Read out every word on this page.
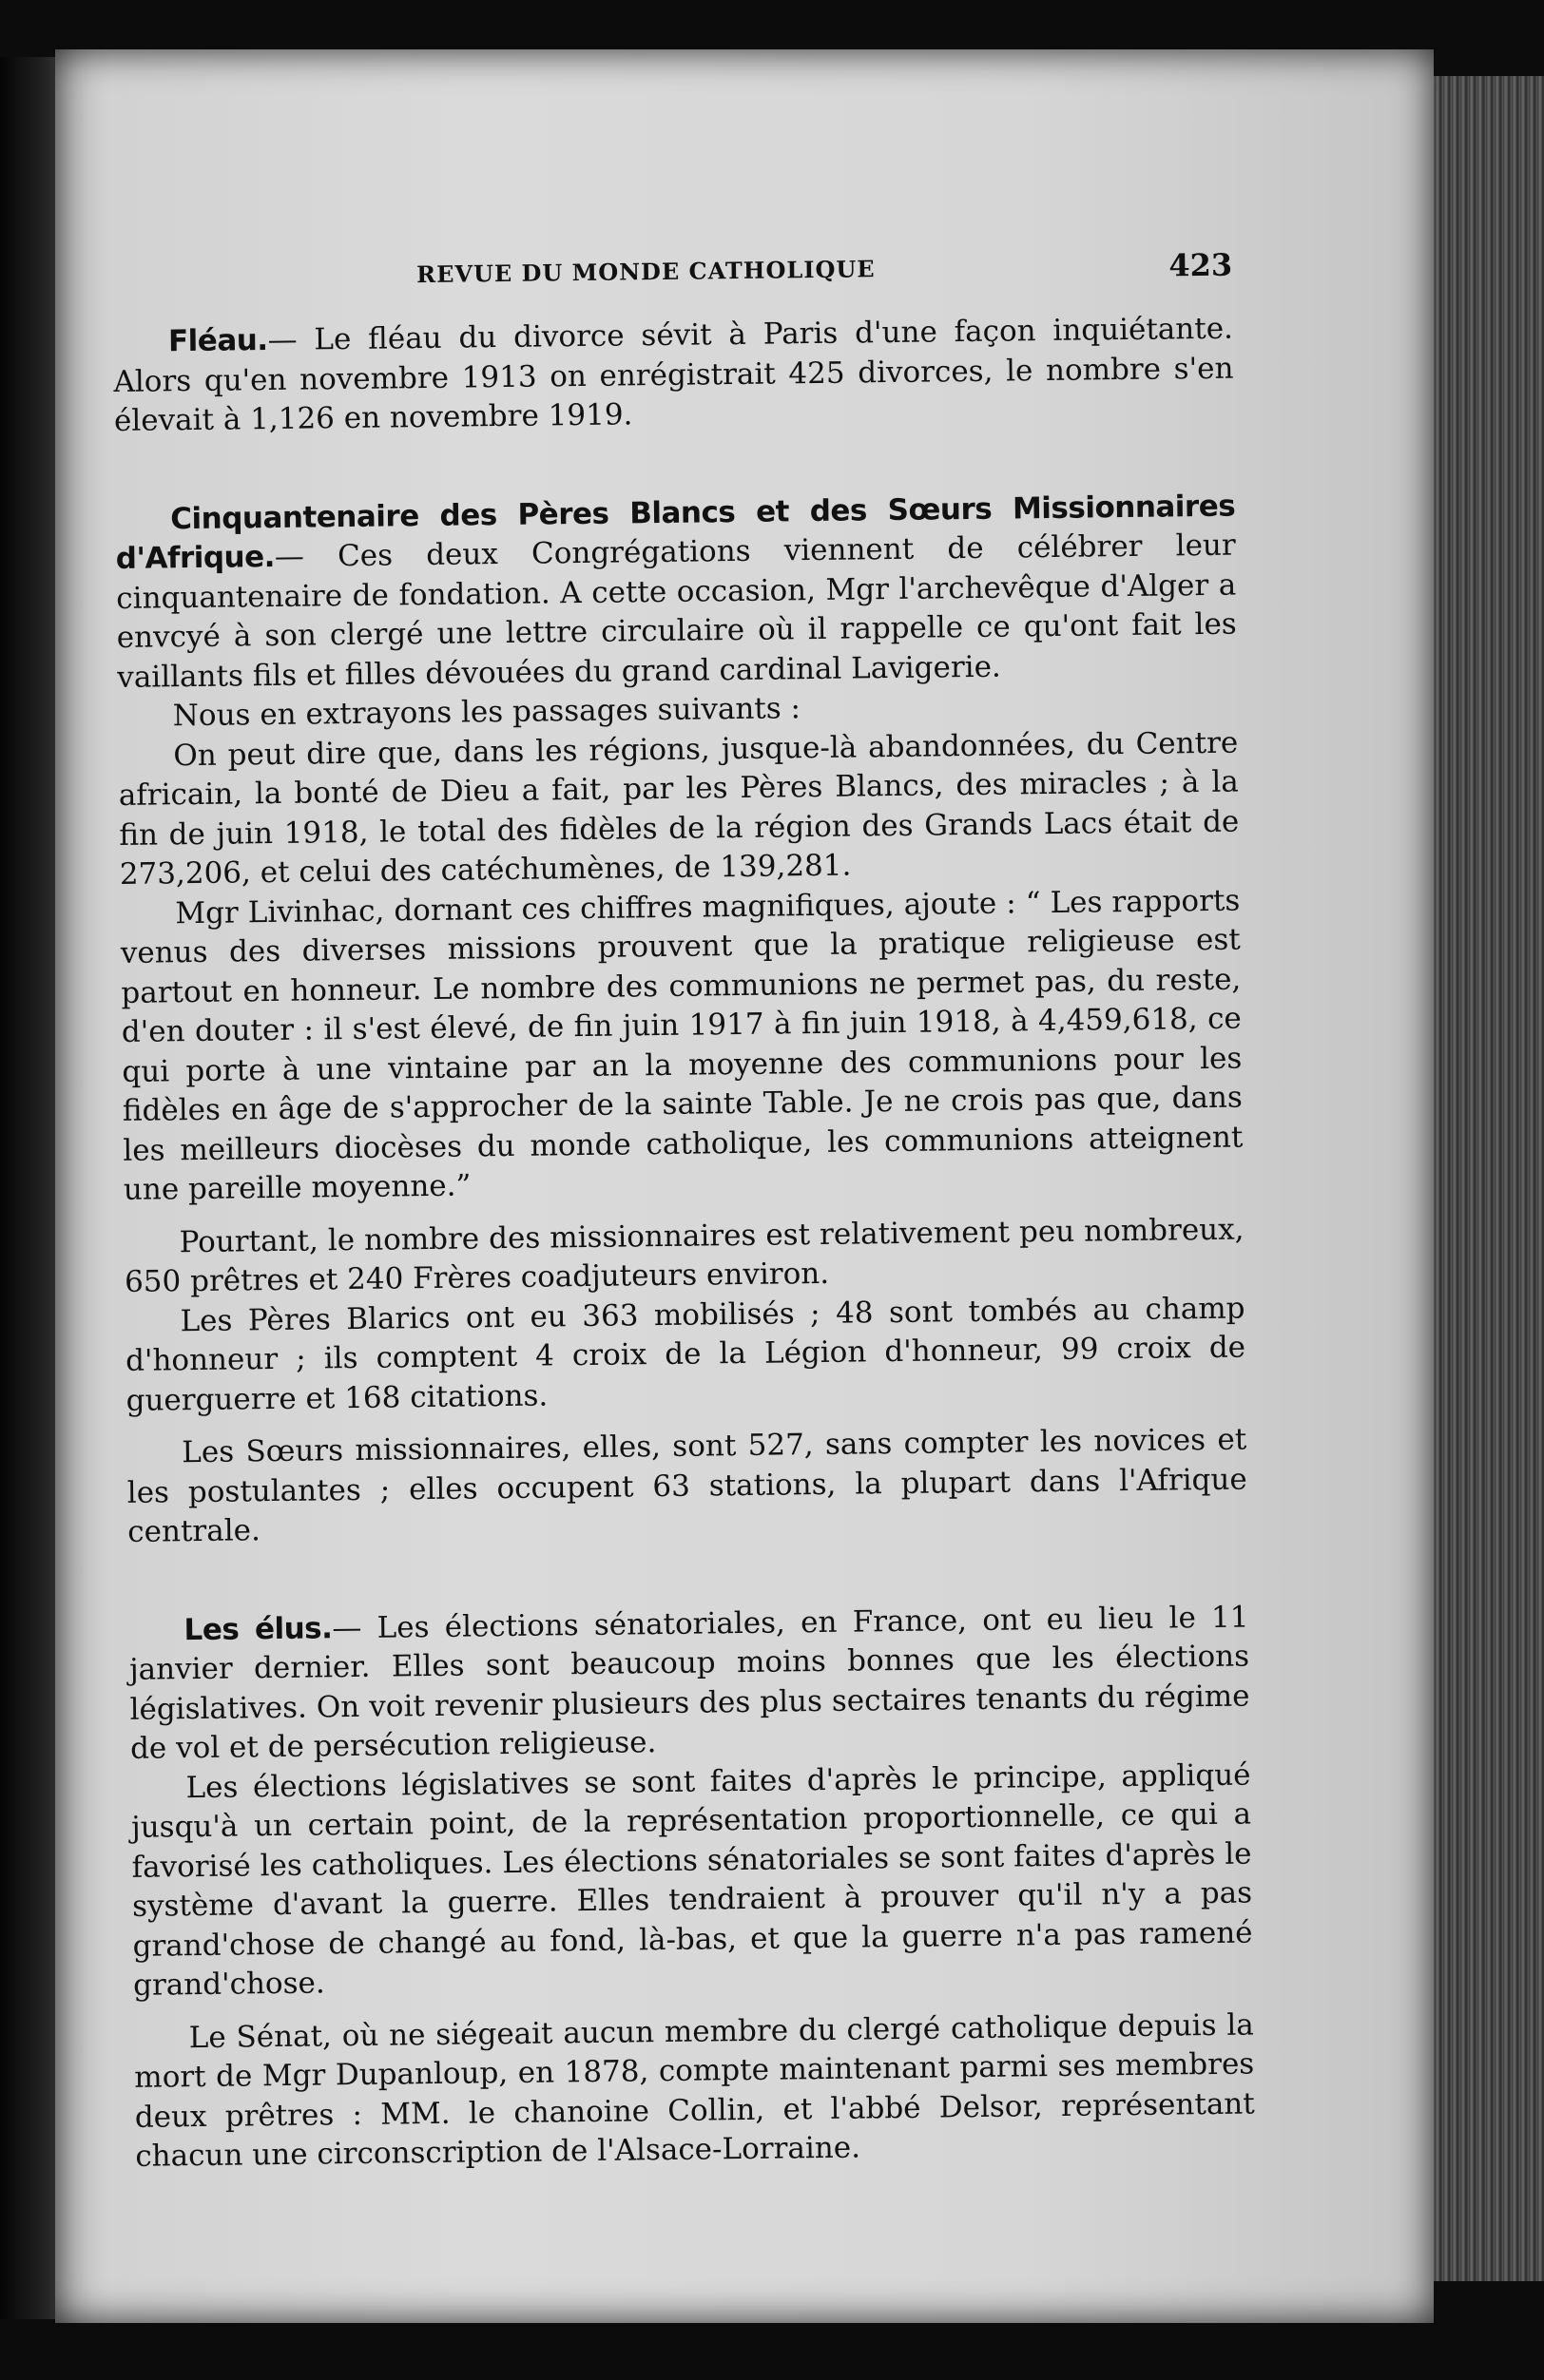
REVUE DU MONDE CATHOLIQUE	423

Fléau.— Le fléau du divorce sévit à Paris d'une façon inquiétante. Alors qu'en novembre 1913 on enrégistrait 425 divorces, le nombre s'en élevait à 1,126 en novembre 1919.

Cinquantenaire des Pères Blancs et des Sœurs Missionnaires d'Afrique.— Ces deux Congrégations viennent de célébrer leur cinquantenaire de fondation. A cette occasion, Mgr l'archevêque d'Alger a envcyé à son clergé une lettre circulaire où il rappelle ce qu'ont fait les vaillants fils et filles dévouées du grand cardinal Lavigerie.

Nous en extrayons les passages suivants :

On peut dire que, dans les régions, jusque-là abandonnées, du Centre africain, la bonté de Dieu a fait, par les Pères Blancs, des miracles ; à la fin de juin 1918, le total des fidèles de la région des Grands Lacs était de 273,206, et celui des catéchumènes, de 139,281.

Mgr Livinhac, dornant ces chiffres magnifiques, ajoute : “ Les rapports venus des diverses missions prouvent que la pratique religieuse est partout en honneur. Le nombre des communions ne permet pas, du reste, d'en douter : il s'est élevé, de fin juin 1917 à fin juin 1918, à 4,459,618, ce qui porte à une vintaine par an la moyenne des communions pour les fidèles en âge de s'approcher de la sainte Table. Je ne crois pas que, dans les meilleurs diocèses du monde catholique, les communions atteignent une pareille moyenne.”

Pourtant, le nombre des missionnaires est relativement peu nombreux, 650 prêtres et 240 Frères coadjuteurs environ.

Les Pères Blarics ont eu 363 mobilisés ; 48 sont tombés au champ d'honneur ; ils comptent 4 croix de la Légion d'honneur, 99 croix de guerguerre et 168 citations.

Les Sœurs missionnaires, elles, sont 527, sans compter les novices et les postulantes ; elles occupent 63 stations, la plupart dans l'Afrique centrale.

Les élus.— Les élections sénatoriales, en France, ont eu lieu le 11 janvier dernier. Elles sont beaucoup moins bonnes que les élections législatives. On voit revenir plusieurs des plus sectaires tenants du régime de vol et de persécution religieuse.

Les élections législatives se sont faites d'après le principe, appliqué jusqu'à un certain point, de la représentation proportionnelle, ce qui a favorisé les catholiques. Les élections sénatoriales se sont faites d'après le système d'avant la guerre. Elles tendraient à prouver qu'il n'y a pas grand'chose de changé au fond, là-bas, et que la guerre n'a pas ramené grand'chose.

Le Sénat, où ne siégeait aucun membre du clergé catholique depuis la mort de Mgr Dupanloup, en 1878, compte maintenant parmi ses membres deux prêtres : MM. le chanoine Collin, et l'abbé Delsor, représentant chacun une circonscription de l'Alsace-Lorraine.
